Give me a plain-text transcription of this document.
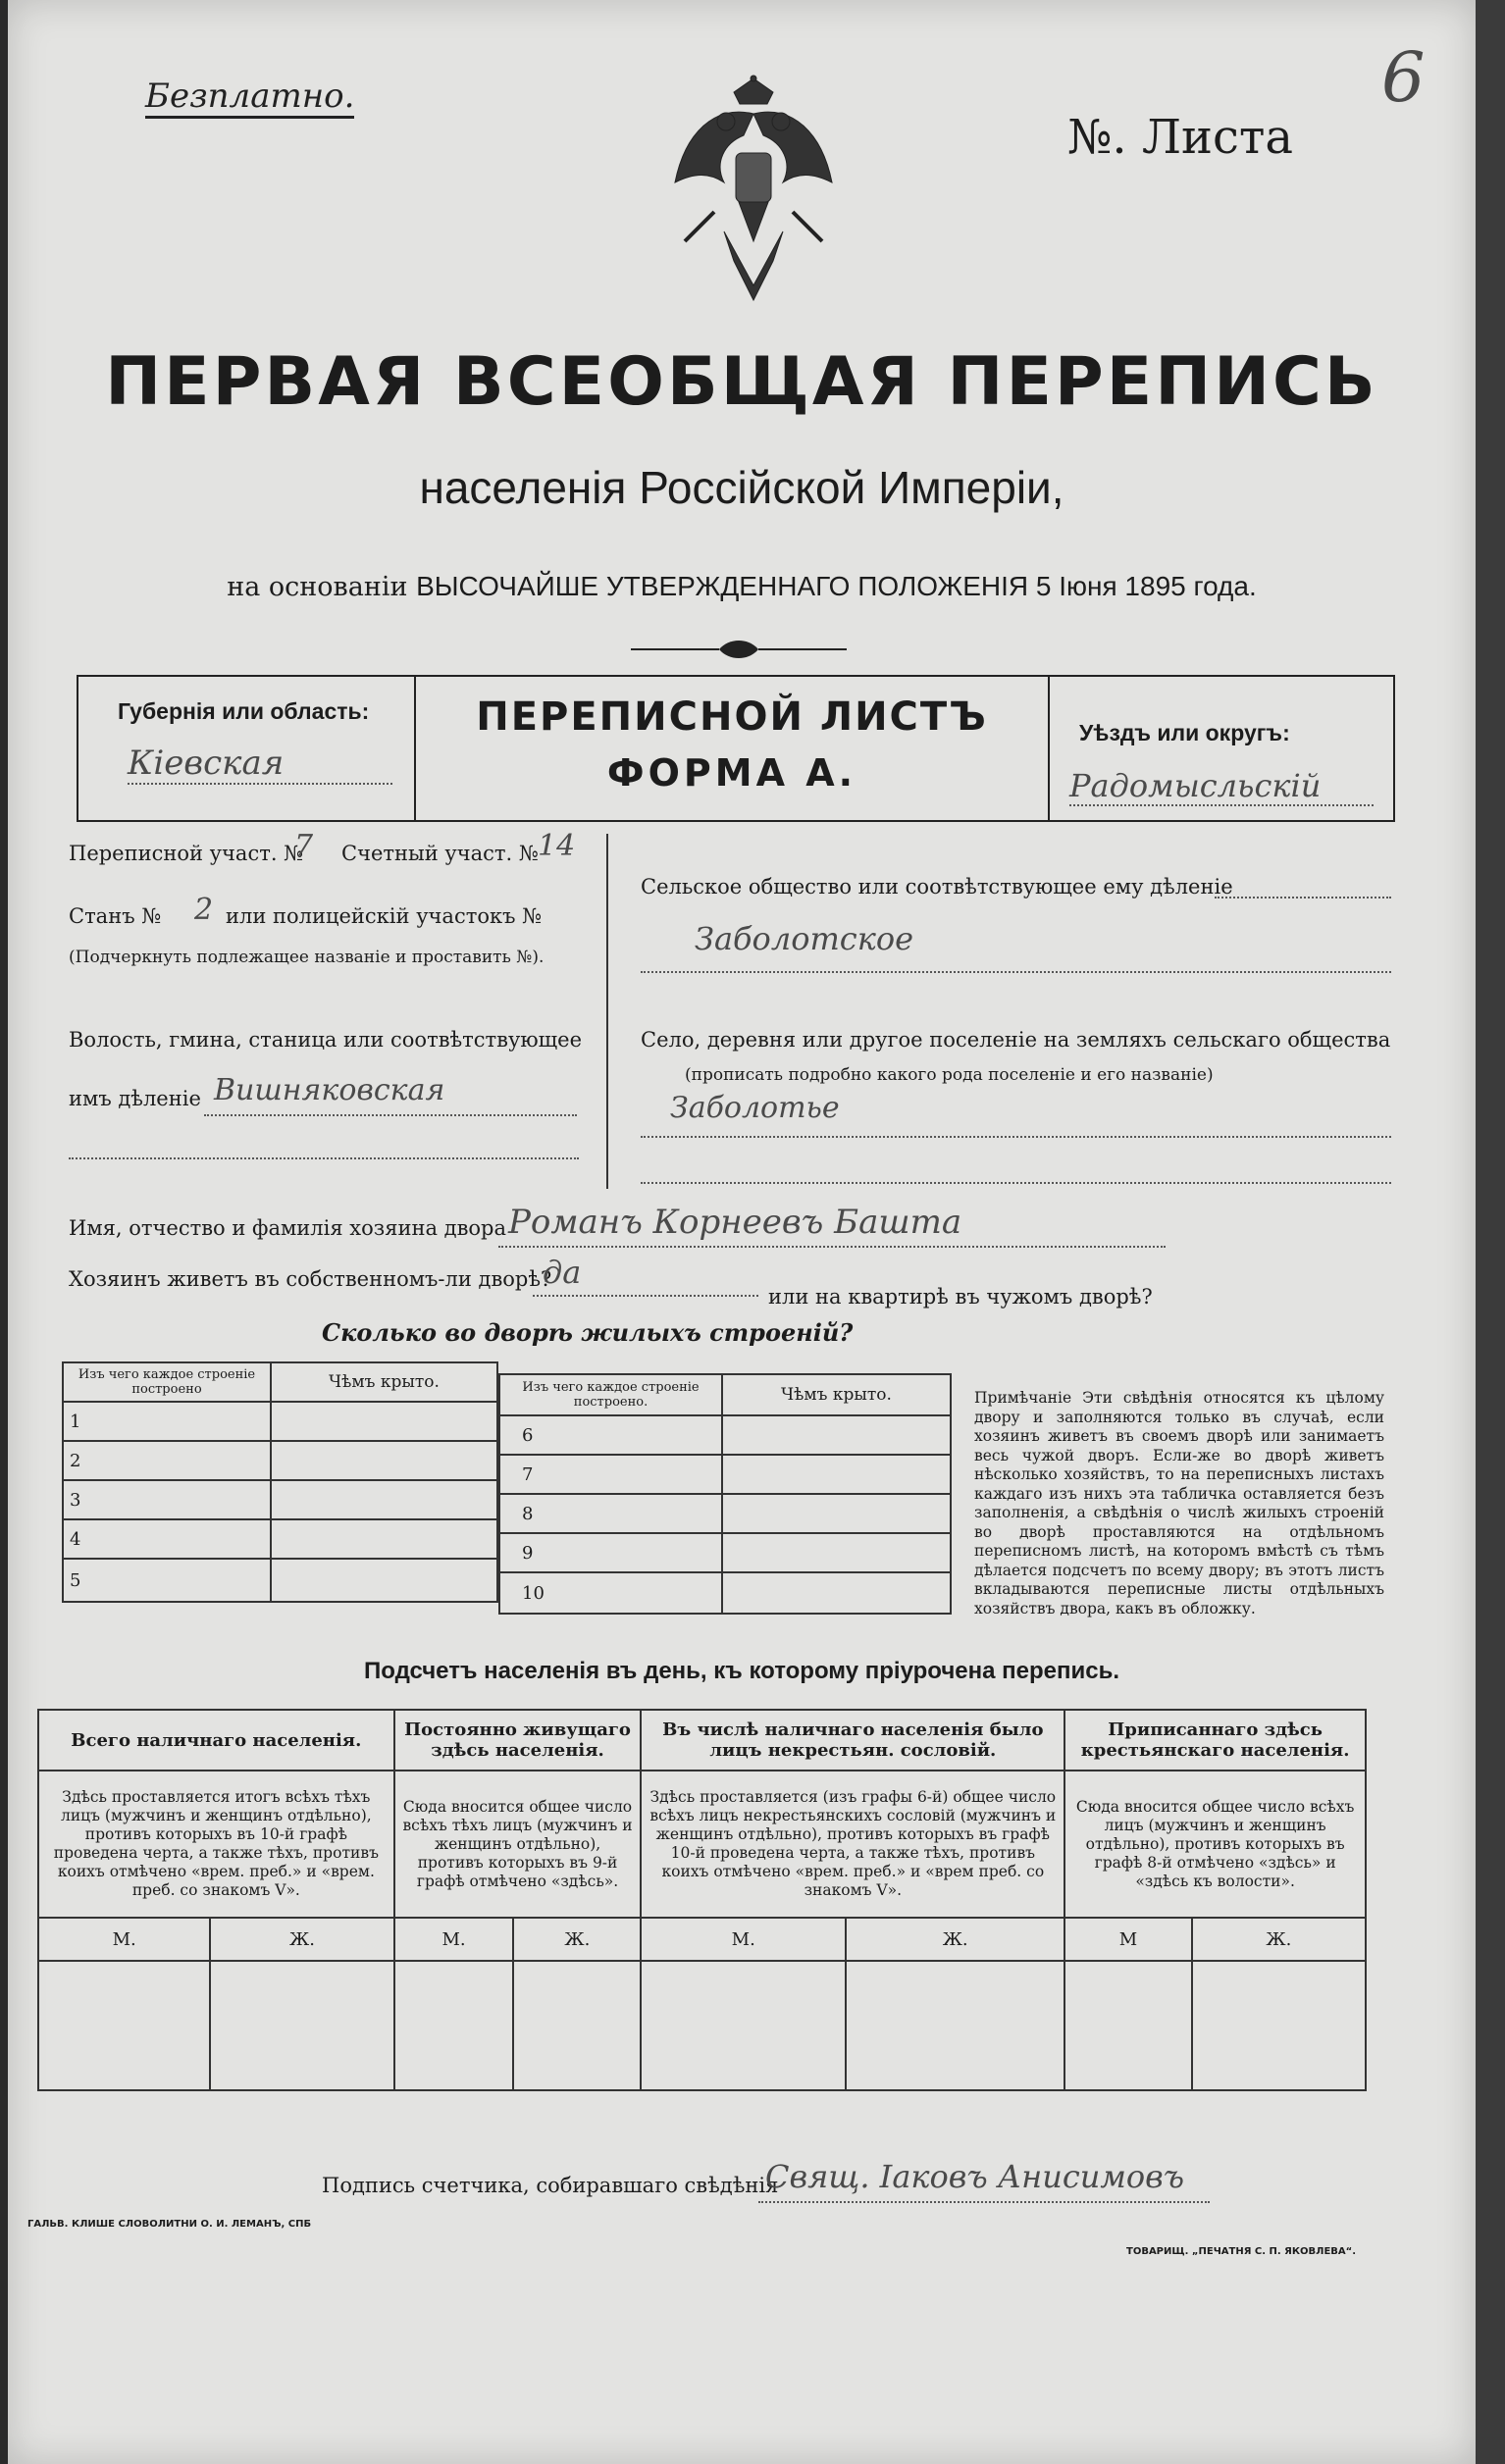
Безплатно.
№. Листа
6
ПЕРВАЯ ВСЕОБЩАЯ ПЕРЕПИСЬ
населенія Россійской Имперіи,
на основаніи ВЫСОЧАЙШЕ УТВЕРЖДЕННАГО ПОЛОЖЕНІЯ 5 Іюня 1895 года.
Губернія или область:
Кіевская
ПЕРЕПИСНОЙ ЛИСТЪ
ФОРМА А.
Уѣздъ или округъ:
Радомысльскій
Переписной участ. №
7 Счетный участ. № 14
Станъ № 2 или полицейскій участокъ №
(Подчеркнуть подлежащее названіе и проставить №).
Волость, гмина, станица или соотвѣтствующее
имъ дѣленіе Вишняковская
Сельское общество или соотвѣтствующее ему дѣленіе
Заболотское
Село, деревня или другое поселеніе на земляхъ сельскаго общества
(прописать подробно какого рода поселеніе и его названіе)
Заболотье
Имя, отчество и фамилія хозяина двора Романъ Корнеевъ Башта
Хозяинъ живетъ въ собственномъ-ли дворѣ?
да
или на квартирѣ въ чужомъ дворѣ?
Сколько во дворѣ жилыхъ строеній?
Изъ чего каждое строеніе построено	Чѣмъ крыто.
1	
2	
3	
4	
5	
Изъ чего каждое строеніе построено.	Чѣмъ крыто.
6	
7	
8	
9	
10	
Примѣчаніе Эти свѣдѣнія относятся къ цѣлому двору и заполняются только въ случаѣ, если хозяинъ живетъ въ своемъ дворѣ или занимаетъ весь чужой дворъ. Если-же во дворѣ живетъ нѣсколько хозяйствъ, то на переписныхъ листахъ каждаго изъ нихъ эта табличка оставляется безъ заполненія, а свѣдѣнія о числѣ жилыхъ строеній во дворѣ проставляются на отдѣльномъ переписномъ листѣ, на которомъ вмѣстѣ съ тѣмъ дѣлается подсчетъ по всему двору; въ этотъ листъ вкладываются переписные листы отдѣльныхъ хозяйствъ двора, какъ въ обложку.
Подсчетъ населенія въ день, къ которому пріурочена перепись.
Всего наличнаго населенія.		Постоянно живущаго здѣсь населенія.		Въ числѣ наличнаго населенія было лицъ некрестьян. сословій.		Приписаннаго здѣсь крестьянскаго населенія.	
Здѣсь проставляется итогъ всѣхъ тѣхъ лицъ (мужчинъ и женщинъ отдѣльно), противъ которыхъ въ 10-й графѣ проведена черта, а также тѣхъ, противъ коихъ отмѣчено «врем. преб.» и «врем. преб. со знакомъ V».		Сюда вносится общее число всѣхъ тѣхъ лицъ (мужчинъ и женщинъ отдѣльно), противъ которыхъ въ 9-й графѣ отмѣчено «здѣсь».		Здѣсь проставляется (изъ графы 6-й) общее число всѣхъ лицъ некрестьянскихъ сословій (мужчинъ и женщинъ отдѣльно), противъ которыхъ въ графѣ 10-й проведена черта, а также тѣхъ, противъ коихъ отмѣчено «врем. преб.» и «врем преб. со знакомъ V».		Сюда вносится общее число всѣхъ лицъ (мужчинъ и женщинъ отдѣльно), противъ которыхъ въ графѣ 8-й отмѣчено «здѣсь» и «здѣсь къ волости».	
М.	Ж.	М.	Ж.	М.	Ж.	М	Ж.

Подпись счетчика, собиравшаго свѣдѣнія
Свящ. Іаковъ Анисимовъ
ГАЛЬВ. КЛИШЕ СЛОВОЛИТНИ О. И. ЛЕМАНЪ, СПБ
ТОВАРИЩ. „ПЕЧАТНЯ С. П. ЯКОВЛЕВА“.
